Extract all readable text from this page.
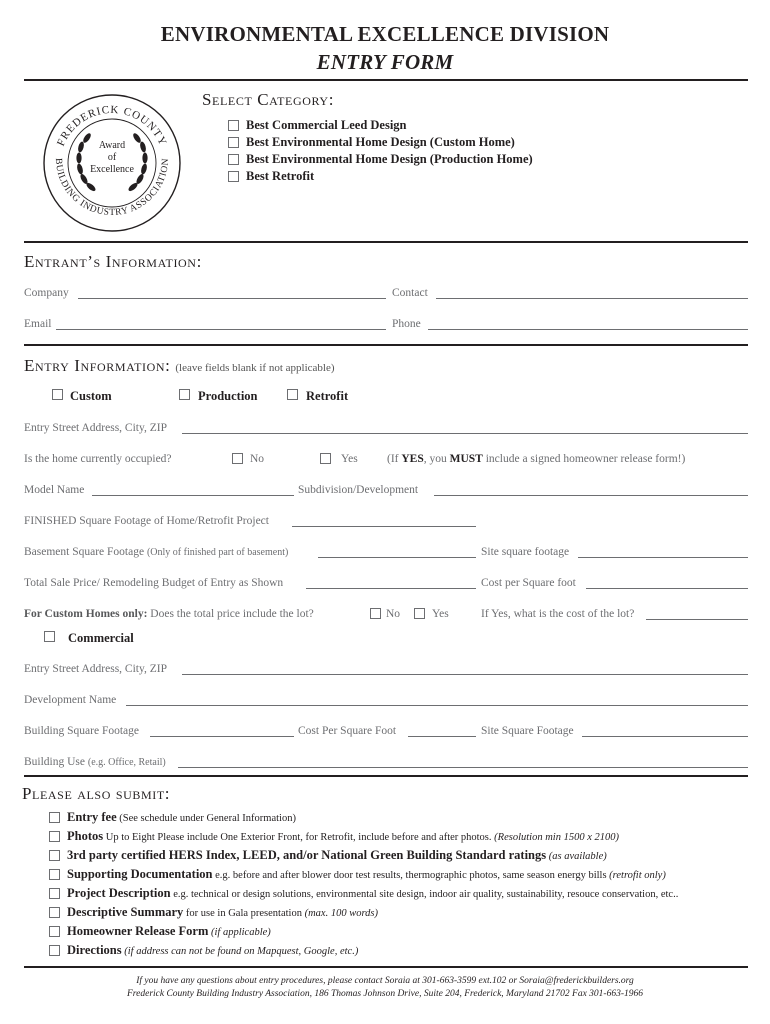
ENVIRONMENTAL EXCELLENCE DIVISION
ENTRY FORM
FREDERICK COUNTY
BUILDING INDUSTRY ASSOCIATION
Award
of
Excellence
Select Category:
Best Commercial Leed Design
Best Environmental Home Design (Custom Home)
Best Environmental Home Design (Production Home)
Best Retrofit
Entrant’s Information:
Company	Contact
Email	Phone
Entry Information: (leave fields blank if not applicable)
Custom	Production	Retrofit
Entry Street Address, City, ZIP
Is the home currently occupied?	No	Yes	(If YES, you MUST include a signed homeowner release form!)
Model Name	Subdivision/Development
FINISHED Square Footage of Home/Retrofit Project
Basement Square Footage (Only of finished part of basement)	Site square footage
Total Sale Price/ Remodeling Budget of Entry as Shown	Cost per Square foot
For Custom Homes only: Does the total price include the lot?	No	Yes	If Yes, what is the cost of the lot?
Commercial
Entry Street Address, City, ZIP
Development Name
Building Square Footage	Cost Per Square Foot	Site Square Footage
Building Use (e.g. Office, Retail)
Please also submit:
Entry fee (See schedule under General Information)
Photos Up to Eight Please include One Exterior Front, for Retrofit, include before and after photos. (Resolution min 1500 x 2100)
3rd party certified HERS Index, LEED, and/or National Green Building Standard ratings (as available)
Supporting Documentation e.g. before and after blower door test results, thermographic photos, same season energy bills (retrofit only)
Project Description e.g. technical or design solutions, environmental site design, indoor air quality, sustainability, resouce conservation, etc..
Descriptive Summary for use in Gala presentation (max. 100 words)
Homeowner Release Form (if applicable)
Directions (if address can not be found on Mapquest, Google, etc.)
If you have any questions about entry procedures, please contact Soraia at 301-663-3599 ext.102 or Soraia@frederickbuilders.org
Frederick County Building Industry Association, 186 Thomas Johnson Drive, Suite 204, Frederick, Maryland 21702 Fax 301-663-1966
